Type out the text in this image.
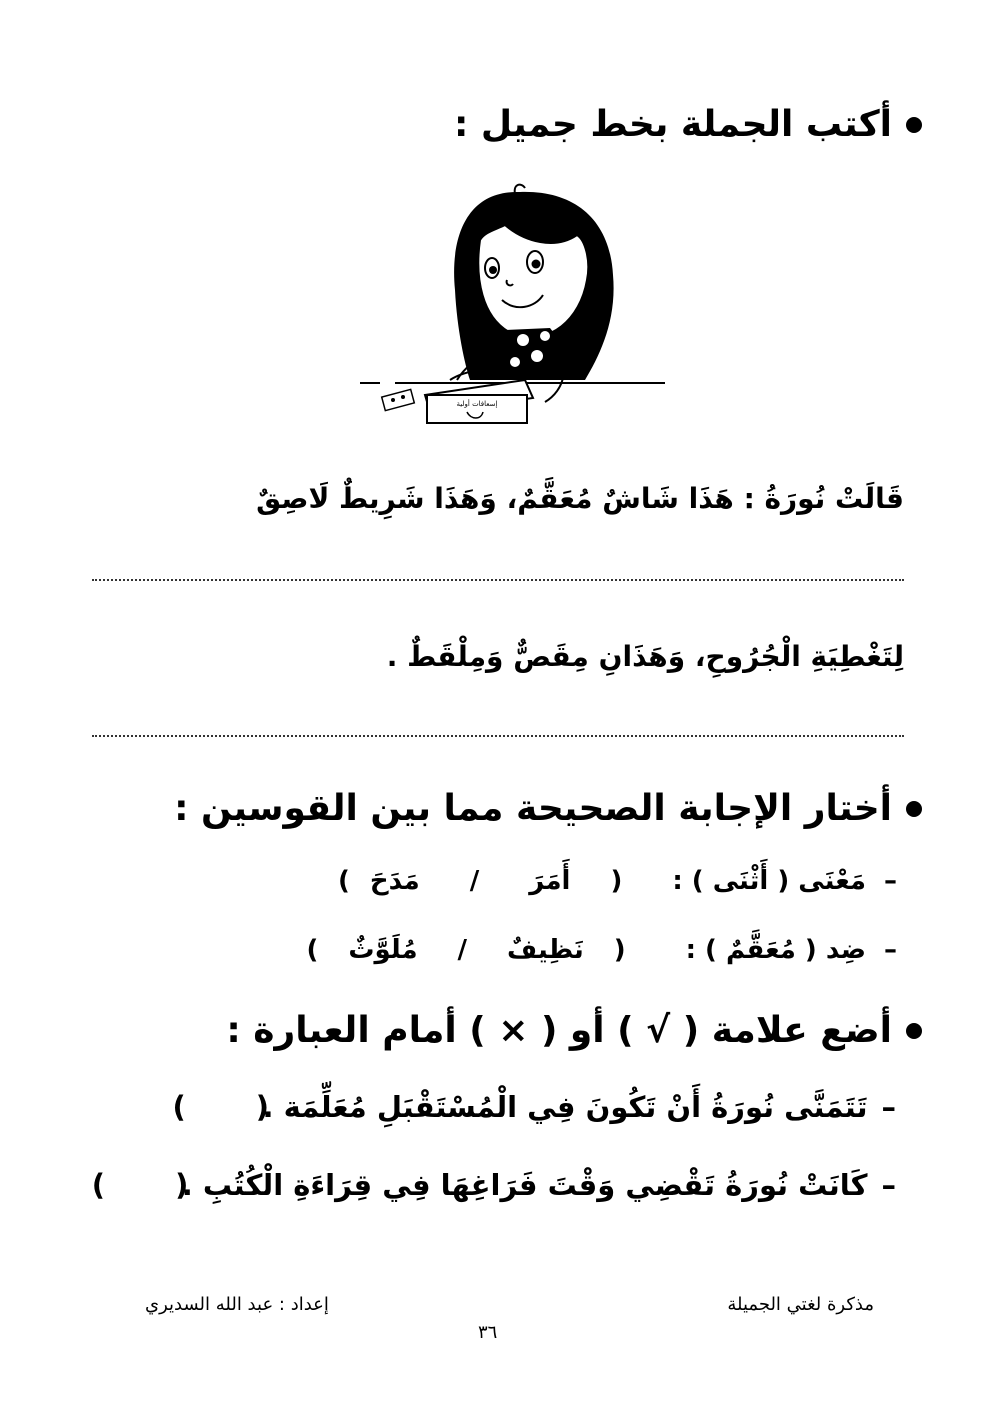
أكتب الجملة بخط جميل :
إسعافات أولية
قَالَتْ نُورَةُ : هَذَا شَاشٌ مُعَقَّمٌ، وَهَذَا شَرِيطٌ لَاصِقٌ
لِتَغْطِيَةِ الْجُرُوحِ، وَهَذَانِ مِقَصٌّ وَمِلْقَطٌ .
أختار الإجابة الصحيحة مما بين القوسين :
–
مَعْنَى ( أَثْنَى ) :
(
أَمَرَ
/
مَدَحَ
)
–
ضِد ( مُعَقَّمٌ ) :
(
نَظِيفٌ
/
مُلَوَّثٌ
)
أضع علامة ( √ ) أو ( × ) أمام العبارة :
–
تَتَمَنَّى نُورَةُ أَنْ تَكُونَ فِي الْمُسْتَقْبَلِ مُعَلِّمَة .
( )
–
كَانَتْ نُورَةُ تَقْضِي وَقْتَ فَرَاغِهَا فِي قِرَاءَةِ الْكُتُبِ .
( )
مذكرة لغتي الجميلة
إعداد : عبد الله السديري
٣٦
